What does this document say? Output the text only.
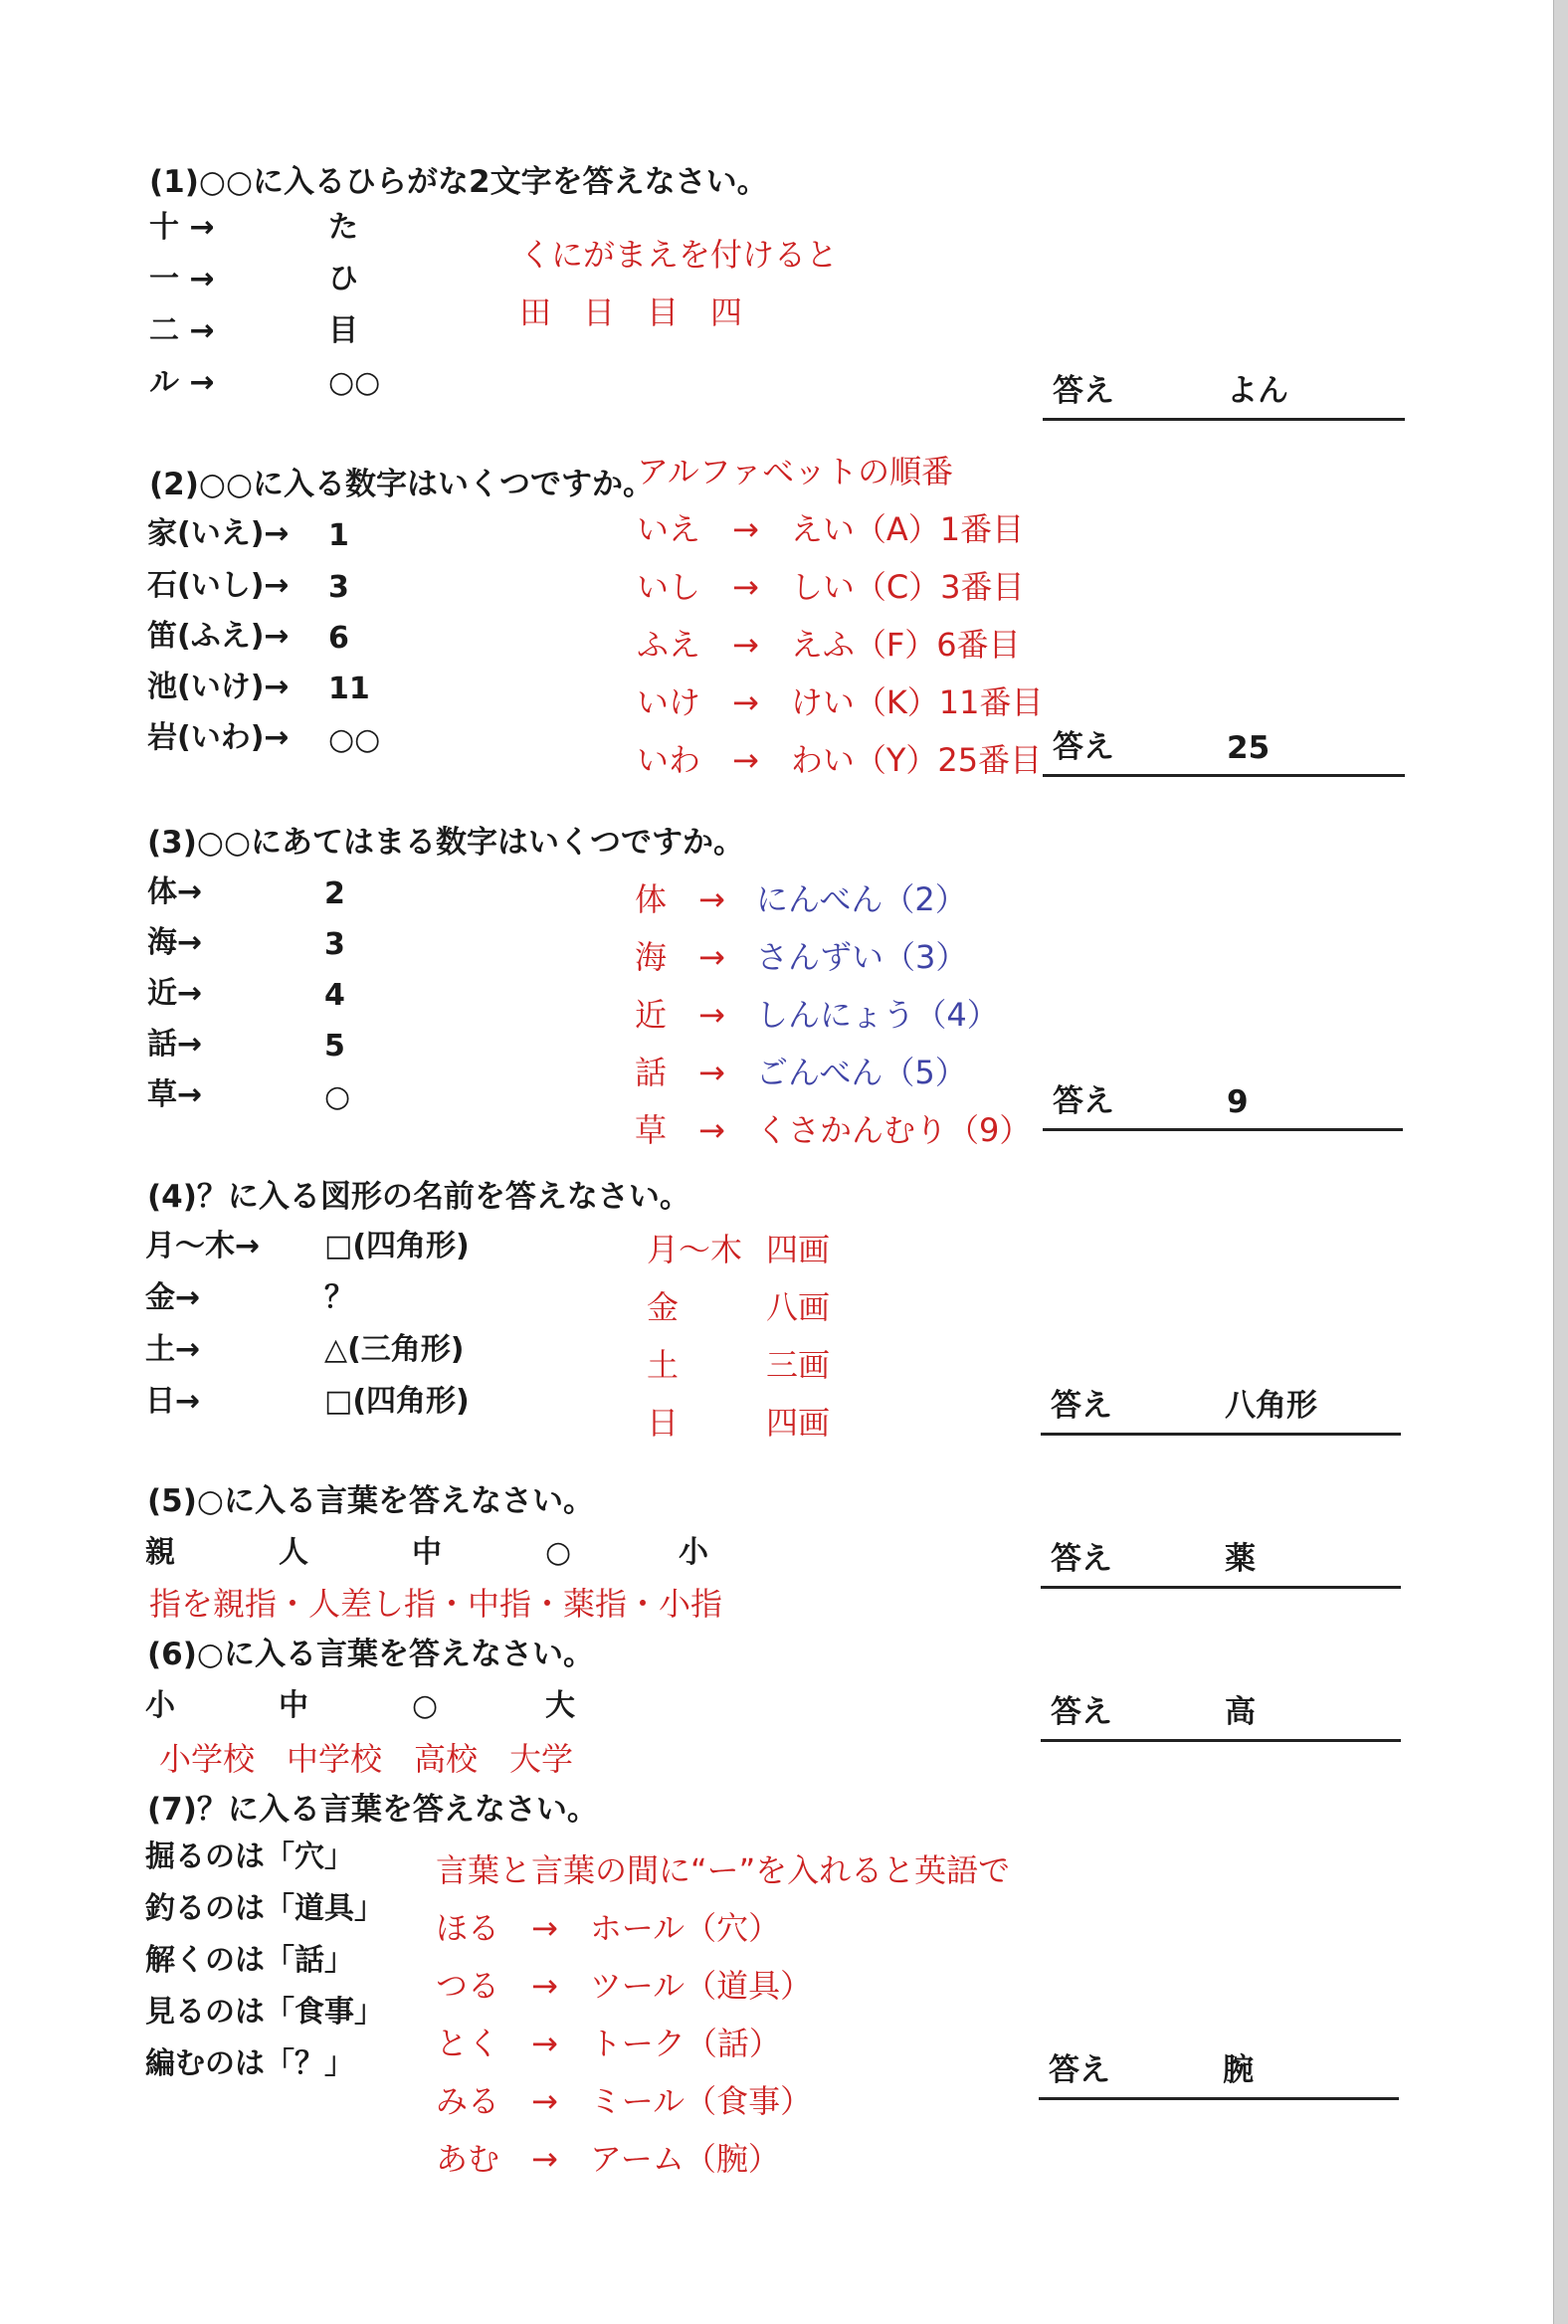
(1)○○に入るひらがな2文字を答えなさい。
十 →	た
一 →	ひ
二 →	目
ル →	○○
くにがまえを付けると
田　日　目　四
答え	よん
(2)○○に入る数字はいくつですか。
アルファベットの順番
家(いえ)→ 1
石(いし)→ 3
笛(ふえ)→ 6
池(いけ)→ 11
岩(いわ)→ ○○
いえ　→　えい（A）1番目
いし　→　しい（C）3番目
ふえ　→　えふ（F）6番目
いけ　→　けい（K）11番目
いわ　→　わい（Y）25番目 答え	25
(3)○○にあてはまる数字はいくつですか。
体→	2
海→	3
近→	4
話→	5
草→	○
体　→ にんべん（2）
海　→ さんずい（3）
近　→ しんにょう（4）
話　→ ごんべん（5）
草　→ くさかんむり（9）
答え	9
(4)？に入る図形の名前を答えなさい。
月～木→ □(四角形)
金→	？
土→	△(三角形)
日→	□(四角形)
月～木 四画
金	八画
土	三画
日	四画	答え	八角形
(5)○に入る言葉を答えなさい。
親	人	中	○	小
指を親指・人差し指・中指・薬指・小指
答え	薬
(6)○に入る言葉を答えなさい。
小	中	○	大
小学校　中学校　高校　大学
答え	高
(7)？に入る言葉を答えなさい。
掘るのは「穴」
釣るのは「道具」
解くのは「話」
見るのは「食事」
編むのは「？」
言葉と言葉の間に“ー”を入れると英語で
ほる　→　ホール（穴）
つる　→　ツール（道具）
とく　→　トーク（話）
みる　→　ミール（食事）
あむ　→　アーム（腕）
答え	腕
